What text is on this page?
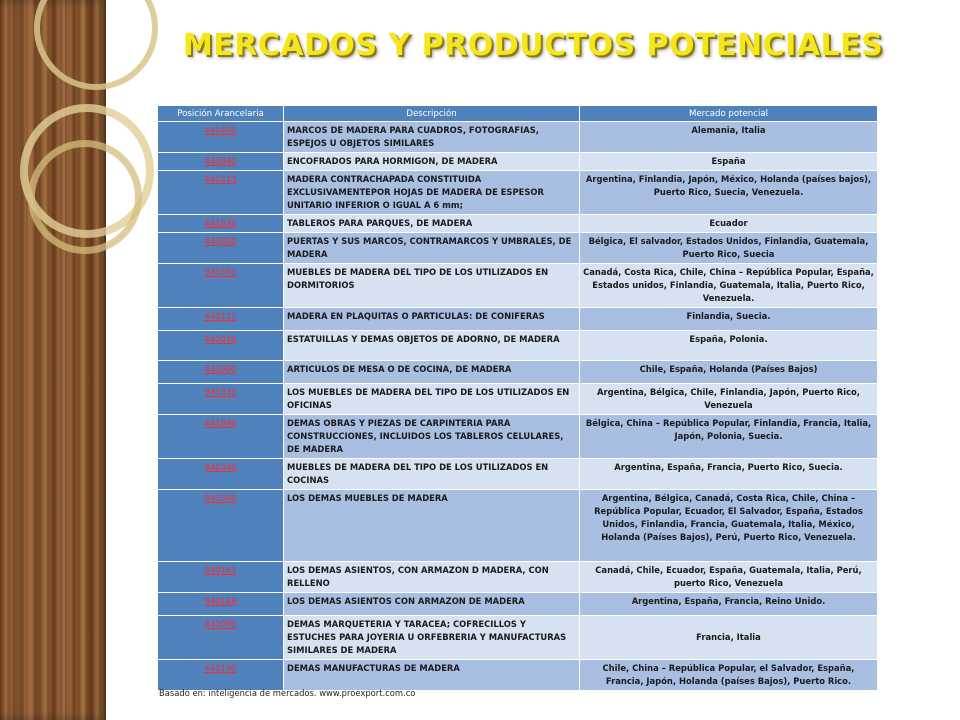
MERCADOS Y PRODUCTOS POTENCIALES
Posición Arancelaria	Descripción	Mercado potencial
441400	MARCOS DE MADERA PARA CUADROS, FOTOGRAFIAS, ESPEJOS U OBJETOS SIMILARES	Alemania, Italia
441840	ENCOFRADOS PARA HORMIGON, DE MADERA	España
441213	MADERA CONTRACHAPADA CONSTITUIDA EXCLUSIVAMENTEPOR HOJAS DE MADERA DE ESPESOR UNITARIO INFERIOR O IGUAL A 6 mm;	Argentina, Finlandia, Japón, México, Holanda (países bajos), Puerto Rico, Suecia, Venezuela.
441830	TABLEROS PARA PARQUES, DE MADERA	Ecuador
441820	PUERTAS Y SUS MARCOS, CONTRAMARCOS Y UMBRALES, DE MADERA	Bélgica, El salvador, Estados Unidos, Finlandia, Guatemala, Puerto Rico, Suecia
940350	MUEBLES DE MADERA DEL TIPO DE LOS UTILIZADOS EN DORMITORIOS	Canadá, Costa Rica, Chile, China – República Popular, España, Estados unidos, Finlandia, Guatemala, Italia, Puerto Rico, Venezuela.
440121	MADERA EN PLAQUITAS O PARTICULAS: DE CONIFERAS	Finlandia, Suecia.
442010	ESTATUILLAS Y DEMAS OBJETOS DE ADORNO, DE MADERA	España, Polonia.
441900	ARTICULOS DE MESA O DE COCINA, DE MADERA	Chile, España, Holanda (Países Bajos)
940330	LOS MUEBLES DE MADERA DEL TIPO DE LOS UTILIZADOS EN OFICINAS	Argentina, Bélgica, Chile, Finlandia, Japón, Puerto Rico, Venezuela
441890	DEMAS OBRAS Y PIEZAS DE CARPINTERIA PARA CONSTRUCCIONES, INCLUIDOS LOS TABLEROS CELULARES, DE MADERA	Bélgica, China – República Popular, Finlandia, Francia, Italia, Japón, Polonia, Suecia.
940340	MUEBLES DE MADERA DEL TIPO DE LOS UTILIZADOS EN COCINAS	Argentina, España, Francia, Puerto Rico, Suecia.
940360	LOS DEMAS MUEBLES DE MADERA	Argentina, Bélgica, Canadá, Costa Rica, Chile, China – República Popular, Ecuador, El Salvador, España, Estados Unidos, Finlandia, Francia, Guatemala, Italia, México, Holanda (Países Bajos), Perú, Puerto Rico, Venezuela.
940161	LOS DEMAS ASIENTOS, CON ARMAZON D MADERA, CON RELLENO	Canadá, Chile, Ecuador, España, Guatemala, Italia, Perú, puerto Rico, Venezuela
940169	LOS DEMAS ASIENTOS CON ARMAZON DE MADERA	Argentina, España, Francia, Reino Unido.
442090	DEMAS MARQUETERIA Y TARACEA; COFRECILLOS Y ESTUCHES PARA JOYERIA U ORFEBRERIA Y MANUFACTURAS SIMILARES DE MADERA	Francia, Italia
442190	DEMAS MANUFACTURAS DE MADERA	Chile, China – República Popular, el Salvador, España, Francia, Japón, Holanda (países Bajos), Puerto Rico.
Basado en: inteligencia de mercados. www.proexport.com.co
